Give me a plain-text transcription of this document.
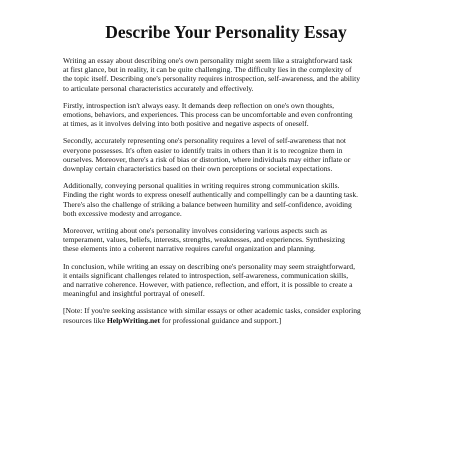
Describe Your Personality Essay
Writing an essay about describing one's own personality might seem like a straightforward task
at first glance, but in reality, it can be quite challenging. The difficulty lies in the complexity of
the topic itself. Describing one's personality requires introspection, self-awareness, and the ability
to articulate personal characteristics accurately and effectively.
Firstly, introspection isn't always easy. It demands deep reflection on one's own thoughts,
emotions, behaviors, and experiences. This process can be uncomfortable and even confronting
at times, as it involves delving into both positive and negative aspects of oneself.
Secondly, accurately representing one's personality requires a level of self-awareness that not
everyone possesses. It's often easier to identify traits in others than it is to recognize them in
ourselves. Moreover, there's a risk of bias or distortion, where individuals may either inflate or
downplay certain characteristics based on their own perceptions or societal expectations.
Additionally, conveying personal qualities in writing requires strong communication skills.
Finding the right words to express oneself authentically and compellingly can be a daunting task.
There's also the challenge of striking a balance between humility and self-confidence, avoiding
both excessive modesty and arrogance.
Moreover, writing about one's personality involves considering various aspects such as
temperament, values, beliefs, interests, strengths, weaknesses, and experiences. Synthesizing
these elements into a coherent narrative requires careful organization and planning.
In conclusion, while writing an essay on describing one's personality may seem straightforward,
it entails significant challenges related to introspection, self-awareness, communication skills,
and narrative coherence. However, with patience, reflection, and effort, it is possible to create a
meaningful and insightful portrayal of oneself.
[Note: If you're seeking assistance with similar essays or other academic tasks, consider exploring
resources like HelpWriting.net for professional guidance and support.]
